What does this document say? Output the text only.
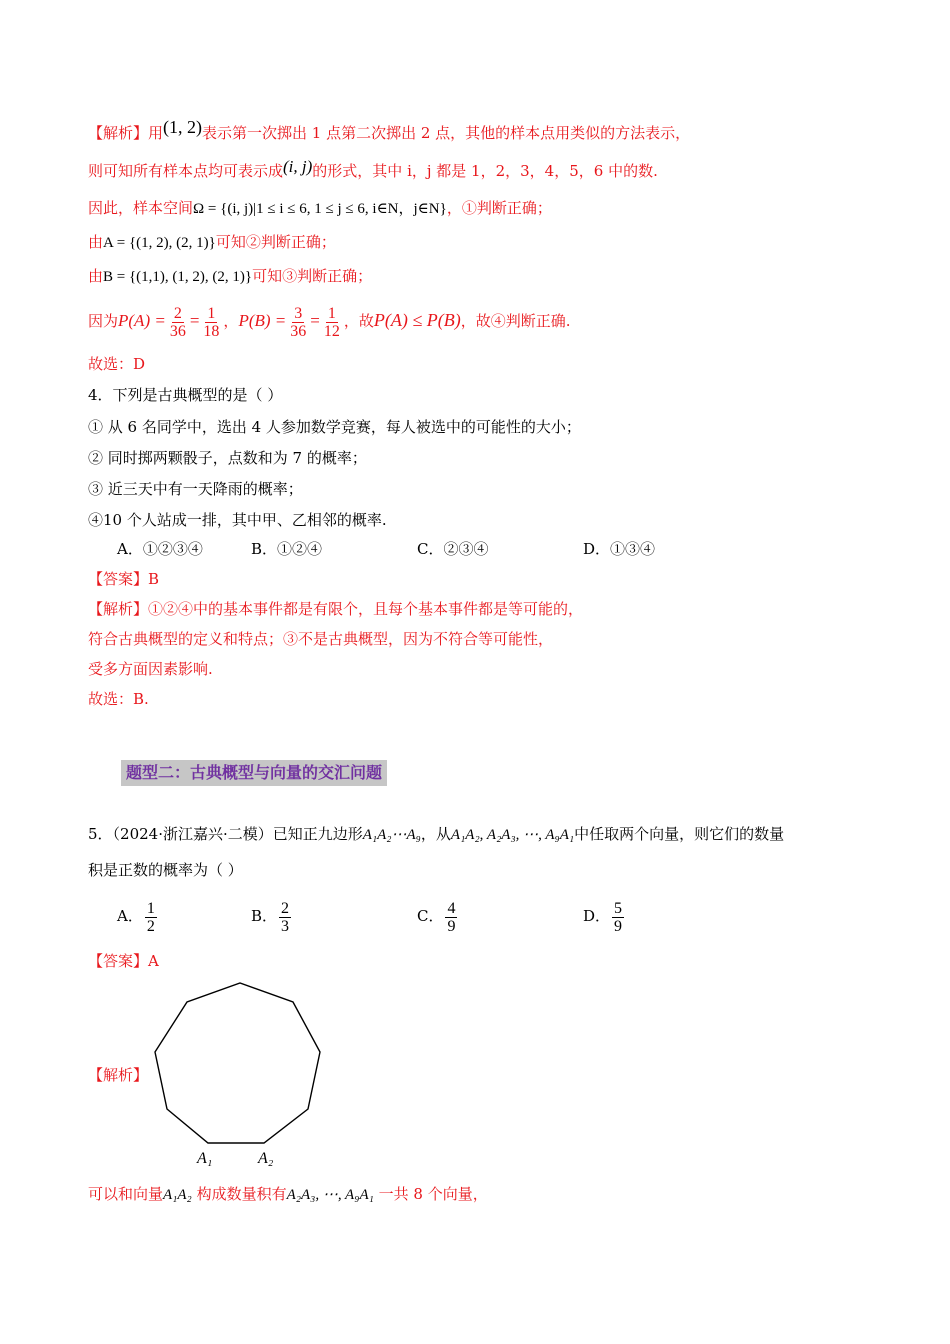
【解析】用(1, 2)表示第一次掷出 1 点第二次掷出 2 点，其他的样本点用类似的方法表示，
则可知所有样本点均可表示成(i, j)的形式，其中 i，j 都是 1，2，3，4，5，6 中的数.
因此，样本空间Ω = {(i, j)|1 ≤ i ≤ 6, 1 ≤ j ≤ 6, i∈N，j∈N}，①判断正确；
由A = {(1, 2), (2, 1)}可知②判断正确；
由B = {(1,1), (1, 2), (2, 1)}可知③判断正确；
因为$P(A) = \frac{2}{36} = \frac{1}{18}$ ，$P(B) = \frac{3}{36} = \frac{1}{12}$ ，故P(A) ≤ P(B)，故④判断正确.
故选：D
4．下列是古典概型的是（ ）
① 从 6 名同学中，选出 4 人参加数学竞赛，每人被选中的可能性的大小；
② 同时掷两颗骰子，点数和为 7 的概率；
③ 近三天中有一天降雨的概率；
④10 个人站成一排，其中甲、乙相邻的概率.
A．①②③④	B．①②④	C．②③④	D．①③④
【答案】B
【解析】①②④中的基本事件都是有限个，且每个基本事件都是等可能的，
符合古典概型的定义和特点；③不是古典概型，因为不符合等可能性，
受多方面因素影响.
故选：B.
题型二：古典概型与向量的交汇问题
5．（2024·浙江嘉兴·二模）已知正九边形A₁A₂⋯A₉，从A₁A₂, A₂A₃, ⋯, A₉A₁中任取两个向量，则它们的数量
积是正数的概率为（ ）
A． $\frac{1}{2}$	B． $\frac{2}{3}$	C． $\frac{4}{9}$	D． $\frac{5}{9}$
【答案】A
【解析】
A₁	A₂
可以和向量A₁A₂ 构成数量积有A₂A₃, ⋯, A₉A₁ 一共 8 个向量，
